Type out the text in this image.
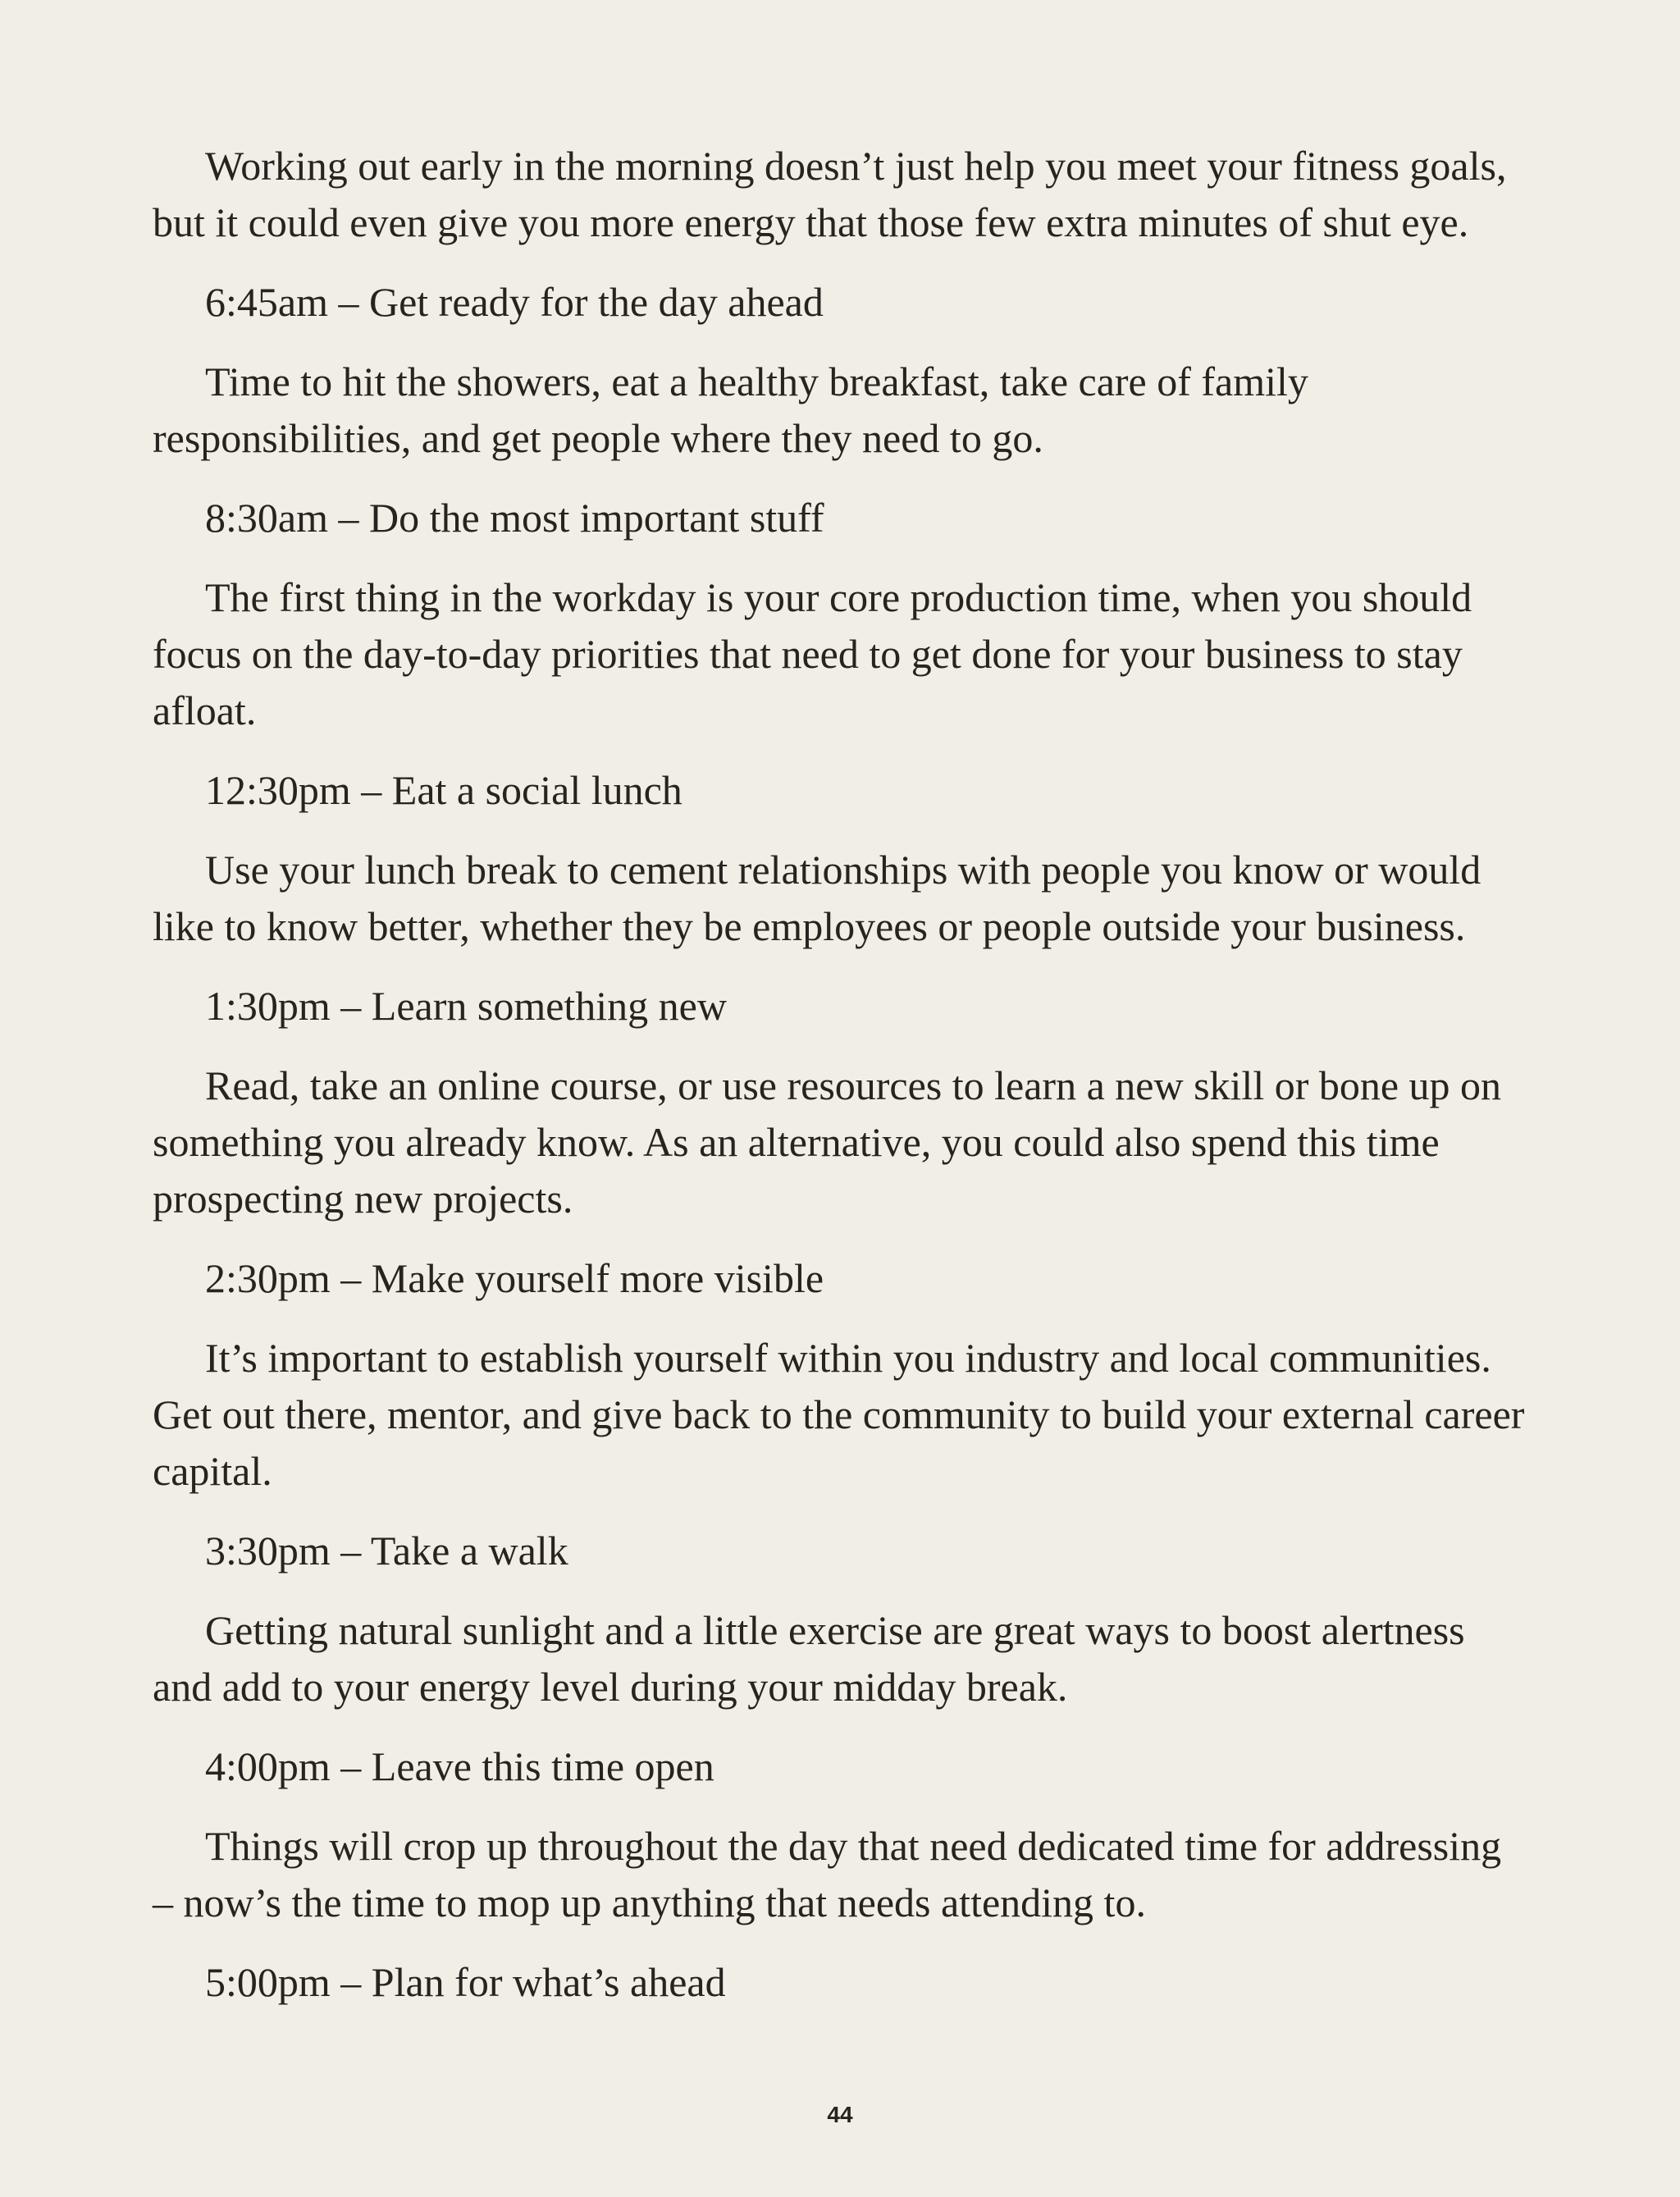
Working out early in the morning doesn’t just help you meet your fitness goals, but it could even give you more energy that those few extra minutes of shut eye.

6:45am – Get ready for the day ahead

Time to hit the showers, eat a healthy breakfast, take care of family responsibilities, and get people where they need to go.

8:30am – Do the most important stuff

The first thing in the workday is your core production time, when you should focus on the day-to-day priorities that need to get done for your business to stay afloat.

12:30pm – Eat a social lunch

Use your lunch break to cement relationships with people you know or would like to know better, whether they be employees or people outside your business.

1:30pm – Learn something new

Read, take an online course, or use resources to learn a new skill or bone up on something you already know. As an alternative, you could also spend this time prospecting new projects.

2:30pm – Make yourself more visible

It’s important to establish yourself within you industry and local communities. Get out there, mentor, and give back to the community to build your external career capital.

3:30pm – Take a walk

Getting natural sunlight and a little exercise are great ways to boost alertness and add to your energy level during your midday break.

4:00pm – Leave this time open

Things will crop up throughout the day that need dedicated time for addressing – now’s the time to mop up anything that needs attending to.

5:00pm – Plan for what’s ahead

44
